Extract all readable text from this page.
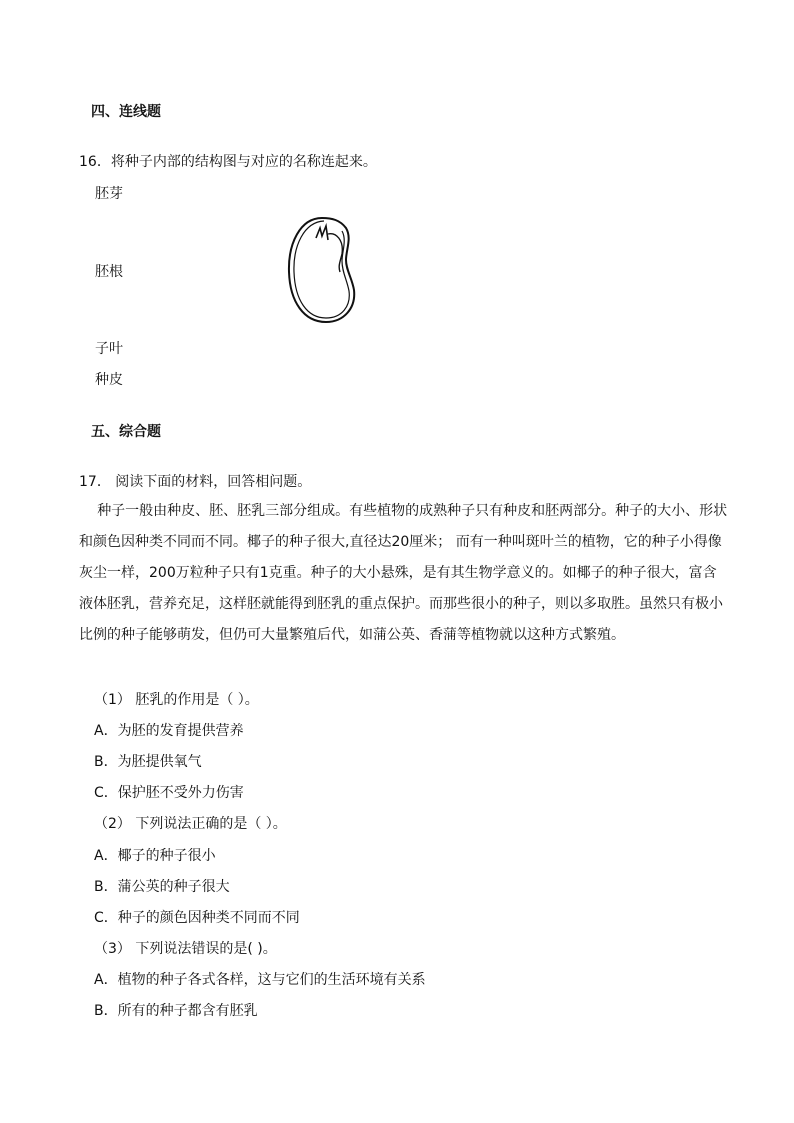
四、连线题
16．将种子内部的结构图与对应的名称连起来。
胚芽
胚根
子叶
种皮
五、综合题
17． 阅读下面的材料，回答相问题。

种子一般由种皮、胚、胚乳三部分组成。有些植物的成熟种子只有种皮和胚两部分。种子的大小、形状和颜色因种类不同而不同。椰子的种子很大,直径达20厘米； 而有一种叫斑叶兰的植物，它的种子小得像灰尘一样，200万粒种子只有1克重。种子的大小悬殊，是有其生物学意义的。如椰子的种子很大，富含液体胚乳，营养充足，这样胚就能得到胚乳的重点保护。而那些很小的种子，则以多取胜。虽然只有极小比例的种子能够萌发，但仍可大量繁殖后代，如蒲公英、香蒲等植物就以这种方式繁殖。

（1） 胚乳的作用是（ ）。
A．为胚的发育提供营养
B．为胚提供氧气
C．保护胚不受外力伤害
（2） 下列说法正确的是（ ）。
A．椰子的种子很小
B．蒲公英的种子很大
C．种子的颜色因种类不同而不同
（3） 下列说法错误的是( )。
A．植物的种子各式各样，这与它们的生活环境有关系
B．所有的种子都含有胚乳
